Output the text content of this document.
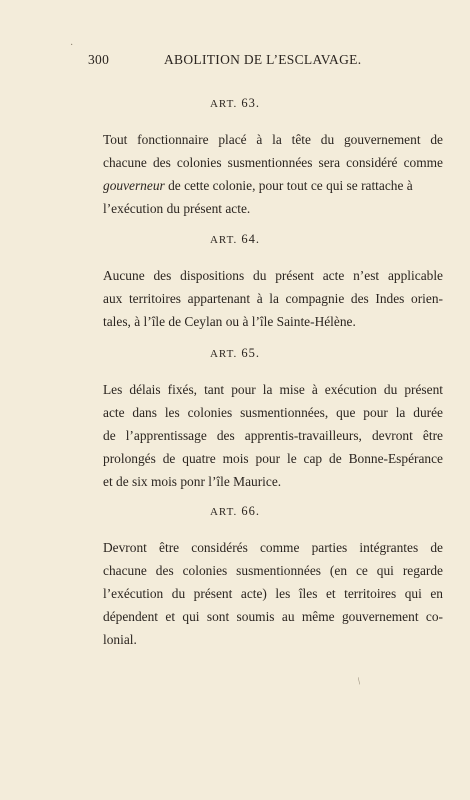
300	ABOLITION DE L’ESCLAVAGE.
ART. 63.
Tout fonctionnaire placé à la tête du gouvernement de
chacune des colonies susmentionnées sera considéré comme
gouverneur de cette colonie, pour tout ce qui se rattache à
l’exécution du présent acte.
ART. 64.
Aucune des dispositions du présent acte n’est applicable
aux territoires appartenant à la compagnie des Indes orien-
tales, à l’île de Ceylan ou à l’île Sainte-Hélène.
ART. 65.
Les délais fixés, tant pour la mise à exécution du présent
acte dans les colonies susmentionnées, que pour la durée
de l’apprentissage des apprentis-travailleurs, devront être
prolongés de quatre mois pour le cap de Bonne-Espérance
et de six mois ponr l’île Maurice.
ART. 66.
Devront être considérés comme parties intégrantes de
chacune des colonies susmentionnées (en ce qui regarde
l’exécution du présent acte) les îles et territoires qui en
dépendent et qui sont soumis au même gouvernement co-
lonial.
·
/
